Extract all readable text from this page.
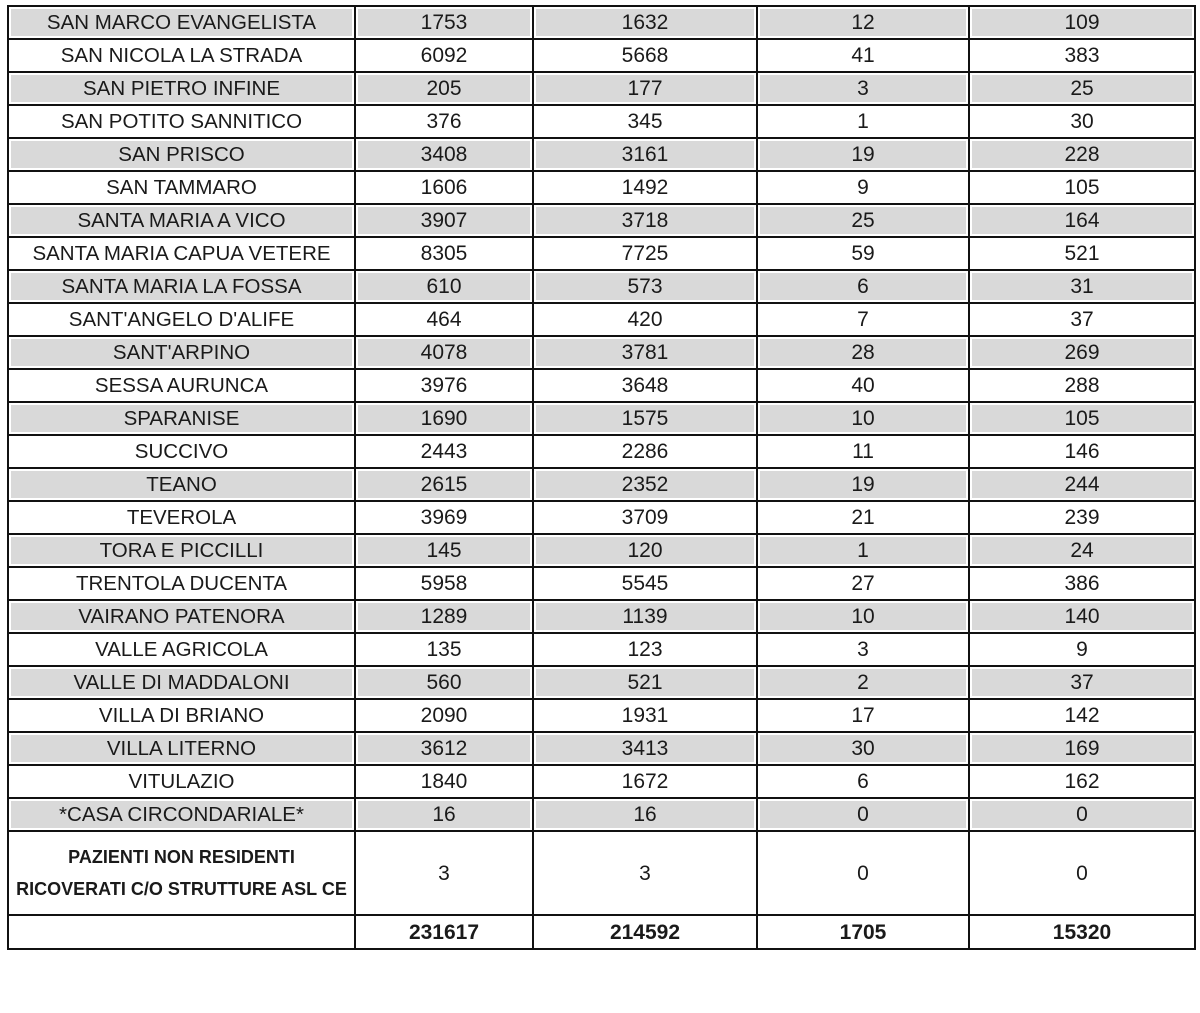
SAN MARCO EVANGELISTA	1753	1632	12	109
SAN NICOLA LA STRADA	6092	5668	41	383
SAN PIETRO INFINE	205	177	3	25
SAN POTITO SANNITICO	376	345	1	30
SAN PRISCO	3408	3161	19	228
SAN TAMMARO	1606	1492	9	105
SANTA MARIA A VICO	3907	3718	25	164
SANTA MARIA CAPUA VETERE	8305	7725	59	521
SANTA MARIA LA FOSSA	610	573	6	31
SANT'ANGELO D'ALIFE	464	420	7	37
SANT'ARPINO	4078	3781	28	269
SESSA AURUNCA	3976	3648	40	288
SPARANISE	1690	1575	10	105
SUCCIVO	2443	2286	11	146
TEANO	2615	2352	19	244
TEVEROLA	3969	3709	21	239
TORA E PICCILLI	145	120	1	24
TRENTOLA DUCENTA	5958	5545	27	386
VAIRANO PATENORA	1289	1139	10	140
VALLE AGRICOLA	135	123	3	9
VALLE DI MADDALONI	560	521	2	37
VILLA DI BRIANO	2090	1931	17	142
VILLA LITERNO	3612	3413	30	169
VITULAZIO	1840	1672	6	162
*CASA CIRCONDARIALE*	16	16	0	0
PAZIENTI NON RESIDENTI RICOVERATI C/O STRUTTURE ASL CE	3	3	0	0
	231617	214592	1705	15320
